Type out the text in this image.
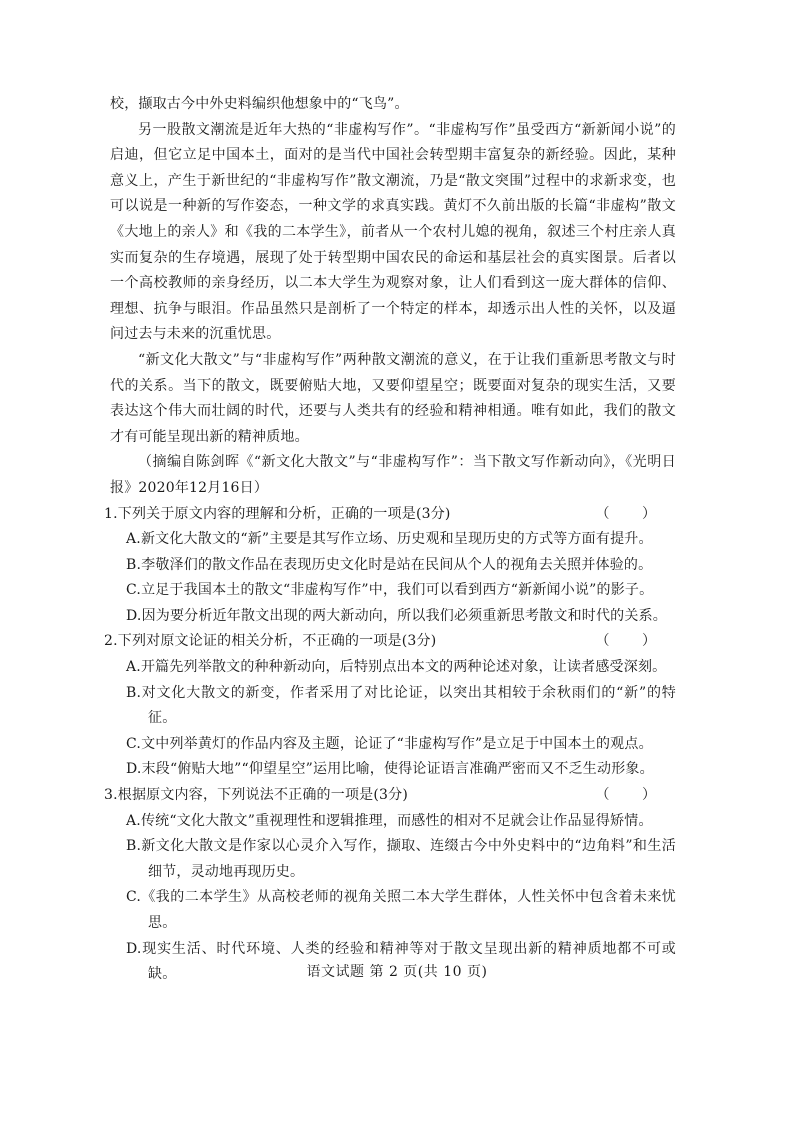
校，撷取古今中外史料编织他想象中的“飞鸟”。

另一股散文潮流是近年大热的“非虚构写作”。“非虚构写作”虽受西方“新新闻小说”的启迪，但它立足中国本土，面对的是当代中国社会转型期丰富复杂的新经验。因此，某种意义上，产生于新世纪的“非虚构写作”散文潮流，乃是“散文突围”过程中的求新求变，也可以说是一种新的写作姿态，一种文学的求真实践。黄灯不久前出版的长篇“非虚构”散文《大地上的亲人》和《我的二本学生》，前者从一个农村儿媳的视角，叙述三个村庄亲人真实而复杂的生存境遇，展现了处于转型期中国农民的命运和基层社会的真实图景。后者以一个高校教师的亲身经历，以二本大学生为观察对象，让人们看到这一庞大群体的信仰、理想、抗争与眼泪。作品虽然只是剖析了一个特定的样本，却透示出人性的关怀，以及逼问过去与未来的沉重忧思。

“新文化大散文”与“非虚构写作”两种散文潮流的意义，在于让我们重新思考散文与时代的关系。当下的散文，既要俯贴大地，又要仰望星空；既要面对复杂的现实生活，又要表达这个伟大而壮阔的时代，还要与人类共有的经验和精神相通。唯有如此，我们的散文才有可能呈现出新的精神质地。

（摘编自陈剑晖《“新文化大散文”与“非虚构写作”：当下散文写作新动向》，《光明日报》2020年12月16日）

1.下列关于原文内容的理解和分析，正确的一项是(3分)	（ ）

A.新文化大散文的“新”主要是其写作立场、历史观和呈现历史的方式等方面有提升。

B.李敬泽们的散文作品在表现历史文化时是站在民间从个人的视角去关照并体验的。

C.立足于我国本土的散文“非虚构写作”中，我们可以看到西方“新新闻小说”的影子。

D.因为要分析近年散文出现的两大新动向，所以我们必须重新思考散文和时代的关系。

2.下列对原文论证的相关分析，不正确的一项是(3分)	（ ）

A.开篇先列举散文的种种新动向，后特别点出本文的两种论述对象，让读者感受深刻。

B.对文化大散文的新变，作者采用了对比论证，以突出其相较于余秋雨们的“新”的特征。

C.文中列举黄灯的作品内容及主题，论证了“非虚构写作”是立足于中国本土的观点。

D.末段“俯贴大地”“仰望星空”运用比喻，使得论证语言准确严密而又不乏生动形象。

3.根据原文内容，下列说法不正确的一项是(3分)	（ ）

A.传统“文化大散文”重视理性和逻辑推理，而感性的相对不足就会让作品显得矫情。

B.新文化大散文是作家以心灵介入写作，撷取、连缀古今中外史料中的“边角料”和生活细节，灵动地再现历史。

C.《我的二本学生》从高校老师的视角关照二本大学生群体，人性关怀中包含着未来忧思。

D.现实生活、时代环境、人类的经验和精神等对于散文呈现出新的精神质地都不可或缺。	语文试题 第 2 页(共 10 页)
